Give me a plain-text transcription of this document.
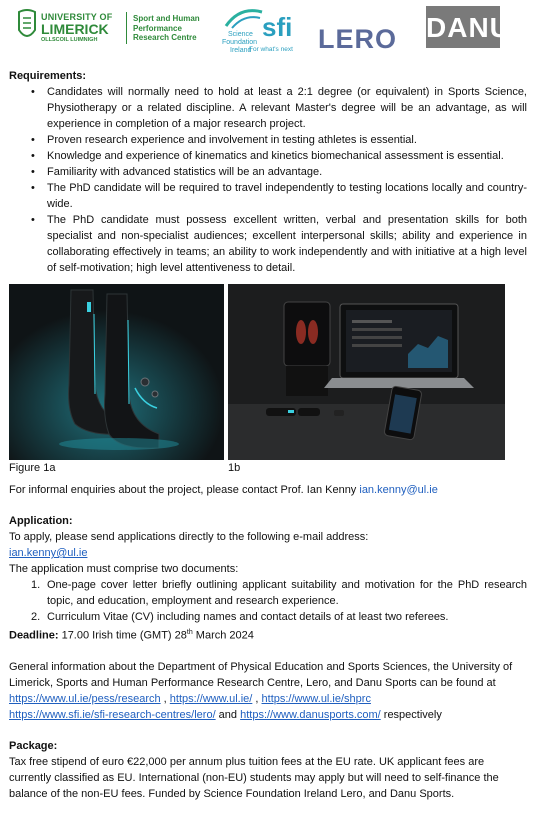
UNIVERSITY OF
LIMERICK
OLLSCOIL LUIMNIGH
Sport and Human Performance Research Centre	sfi
Science
Foundation
Ireland
For what's next LERO DANU
Requirements:
• Candidates will normally need to hold at least a 2:1 degree (or equivalent) in Sports Science, Physiotherapy or a related discipline. A relevant Master's degree will be an advantage, as will experience in completion of a major research project.
• Proven research experience and involvement in testing athletes is essential.
• Knowledge and experience of kinematics and kinetics biomechanical assessment is essential.
• Familiarity with advanced statistics will be an advantage.
• The PhD candidate will be required to travel independently to testing locations locally and country-wide.
• The PhD candidate must possess excellent written, verbal and presentation skills for both specialist and non-specialist audiences; excellent interpersonal skills; ability and experience in collaborating effectively in teams; an ability to work independently and with initiative at a high level of self-motivation; high level attentiveness to detail.
Figure 1a	1b
For informal enquiries about the project, please contact Prof. Ian Kenny ian.kenny@ul.ie
Application:
To apply, please send applications directly to the following e-mail address:
ian.kenny@ul.ie
The application must comprise two documents:
1. One-page cover letter briefly outlining applicant suitability and motivation for the PhD research topic, and education, employment and research experience.
2. Curriculum Vitae (CV) including names and contact details of at least two referees.
Deadline: 17.00 Irish time (GMT) 28th March 2024
General information about the Department of Physical Education and Sports Sciences, the University of Limerick, Sports and Human Performance Research Centre, Lero, and Danu Sports can be found at https://www.ul.ie/pess/research , https://www.ul.ie/ , https://www.ul.ie/shprc
https://www.sfi.ie/sfi-research-centres/lero/ and https://www.danusports.com/ respectively
Package:
Tax free stipend of euro €22,000 per annum plus tuition fees at the EU rate. UK applicant fees are currently classified as EU. International (non-EU) students may apply but will need to self-finance the balance of the non-EU fees. Funded by Science Foundation Ireland Lero, and Danu Sports.
